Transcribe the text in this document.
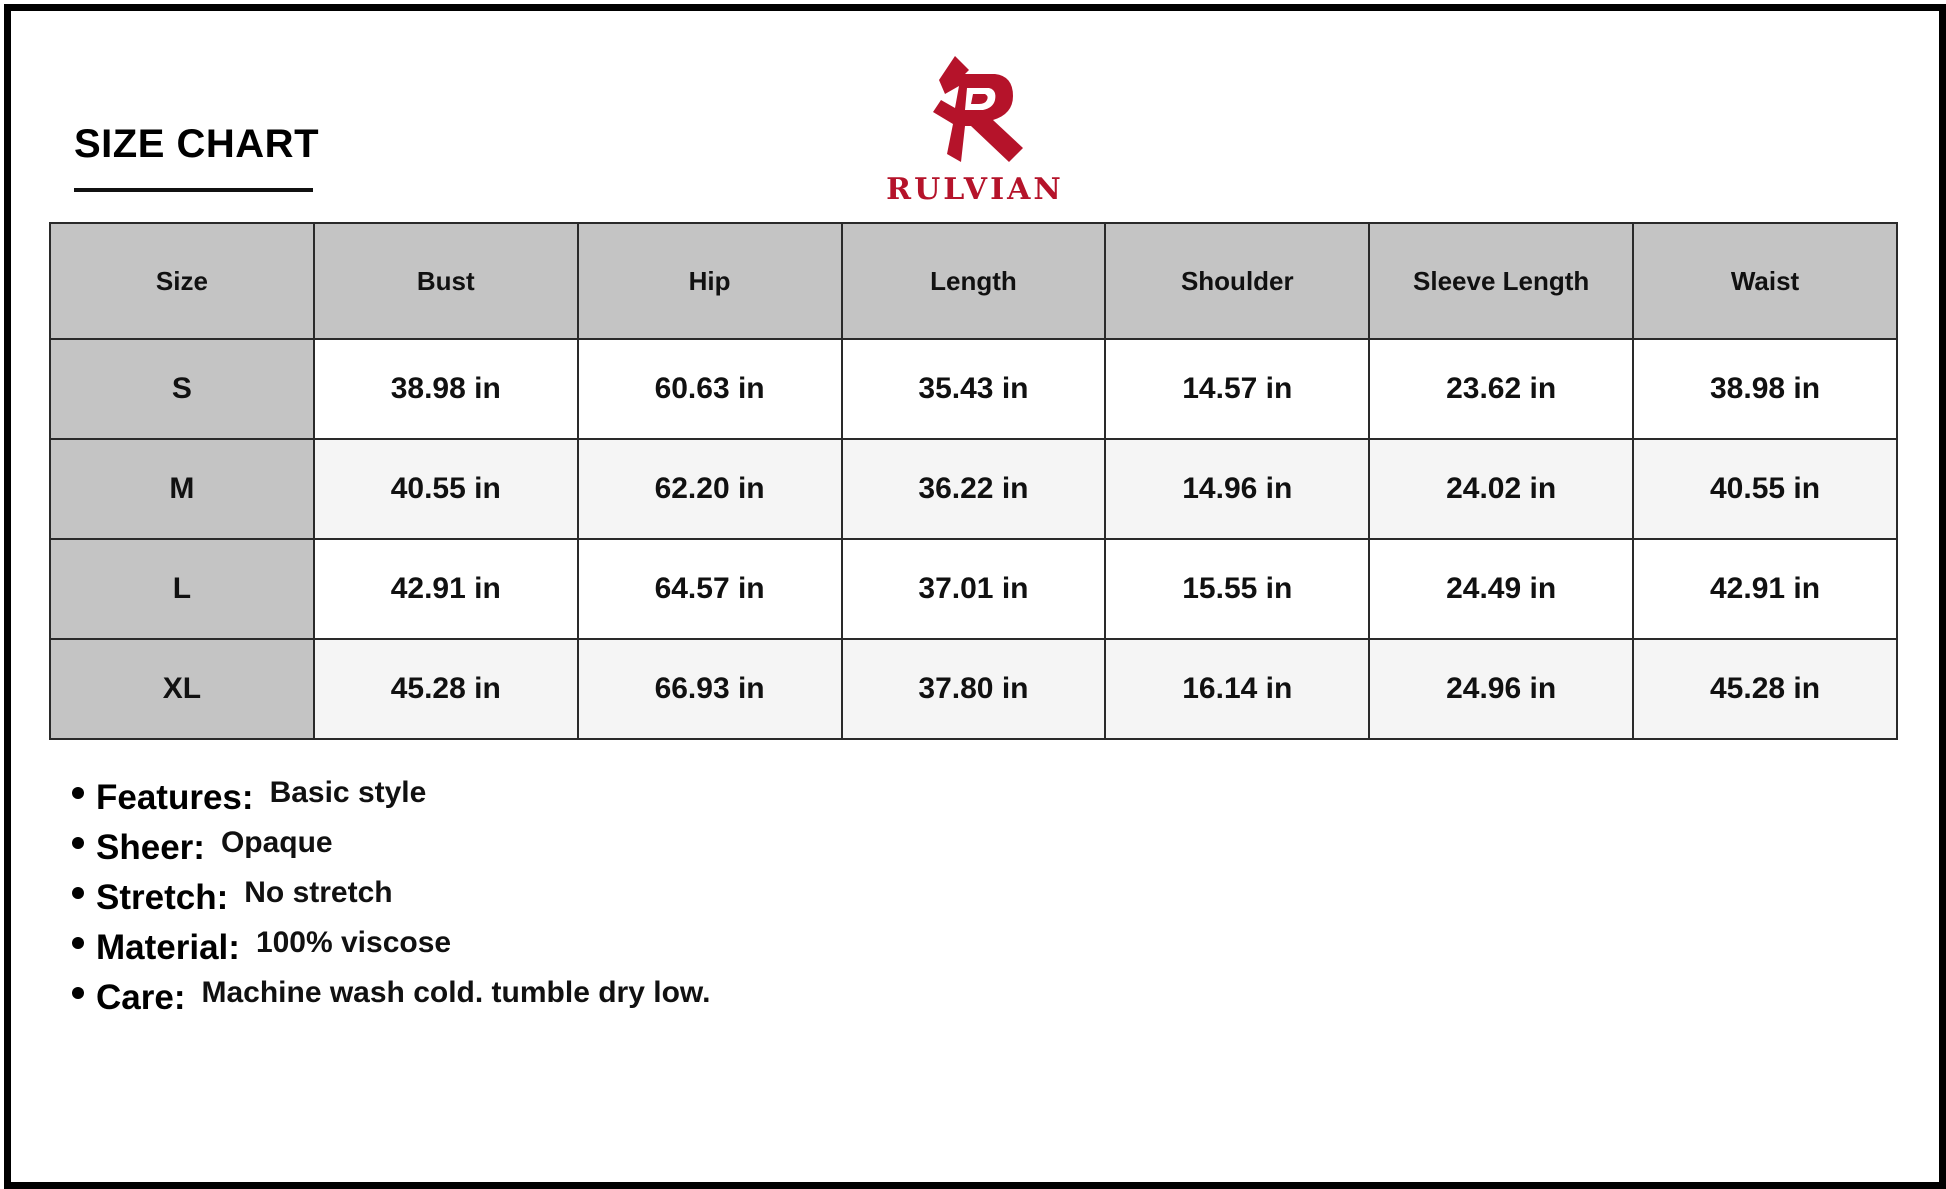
SIZE CHART
RULVIAN
Size	Bust	Hip	Length	Shoulder	Sleeve Length	Waist
S	38.98 in	60.63 in	35.43 in	14.57 in	23.62 in	38.98 in
M	40.55 in	62.20 in	36.22 in	14.96 in	24.02 in	40.55 in
L	42.91 in	64.57 in	37.01 in	15.55 in	24.49 in	42.91 in
XL	45.28 in	66.93 in	37.80 in	16.14 in	24.96 in	45.28 in
Features: Basic style
Sheer: Opaque
Stretch: No stretch
Material: 100% viscose
Care: Machine wash cold. tumble dry low.
